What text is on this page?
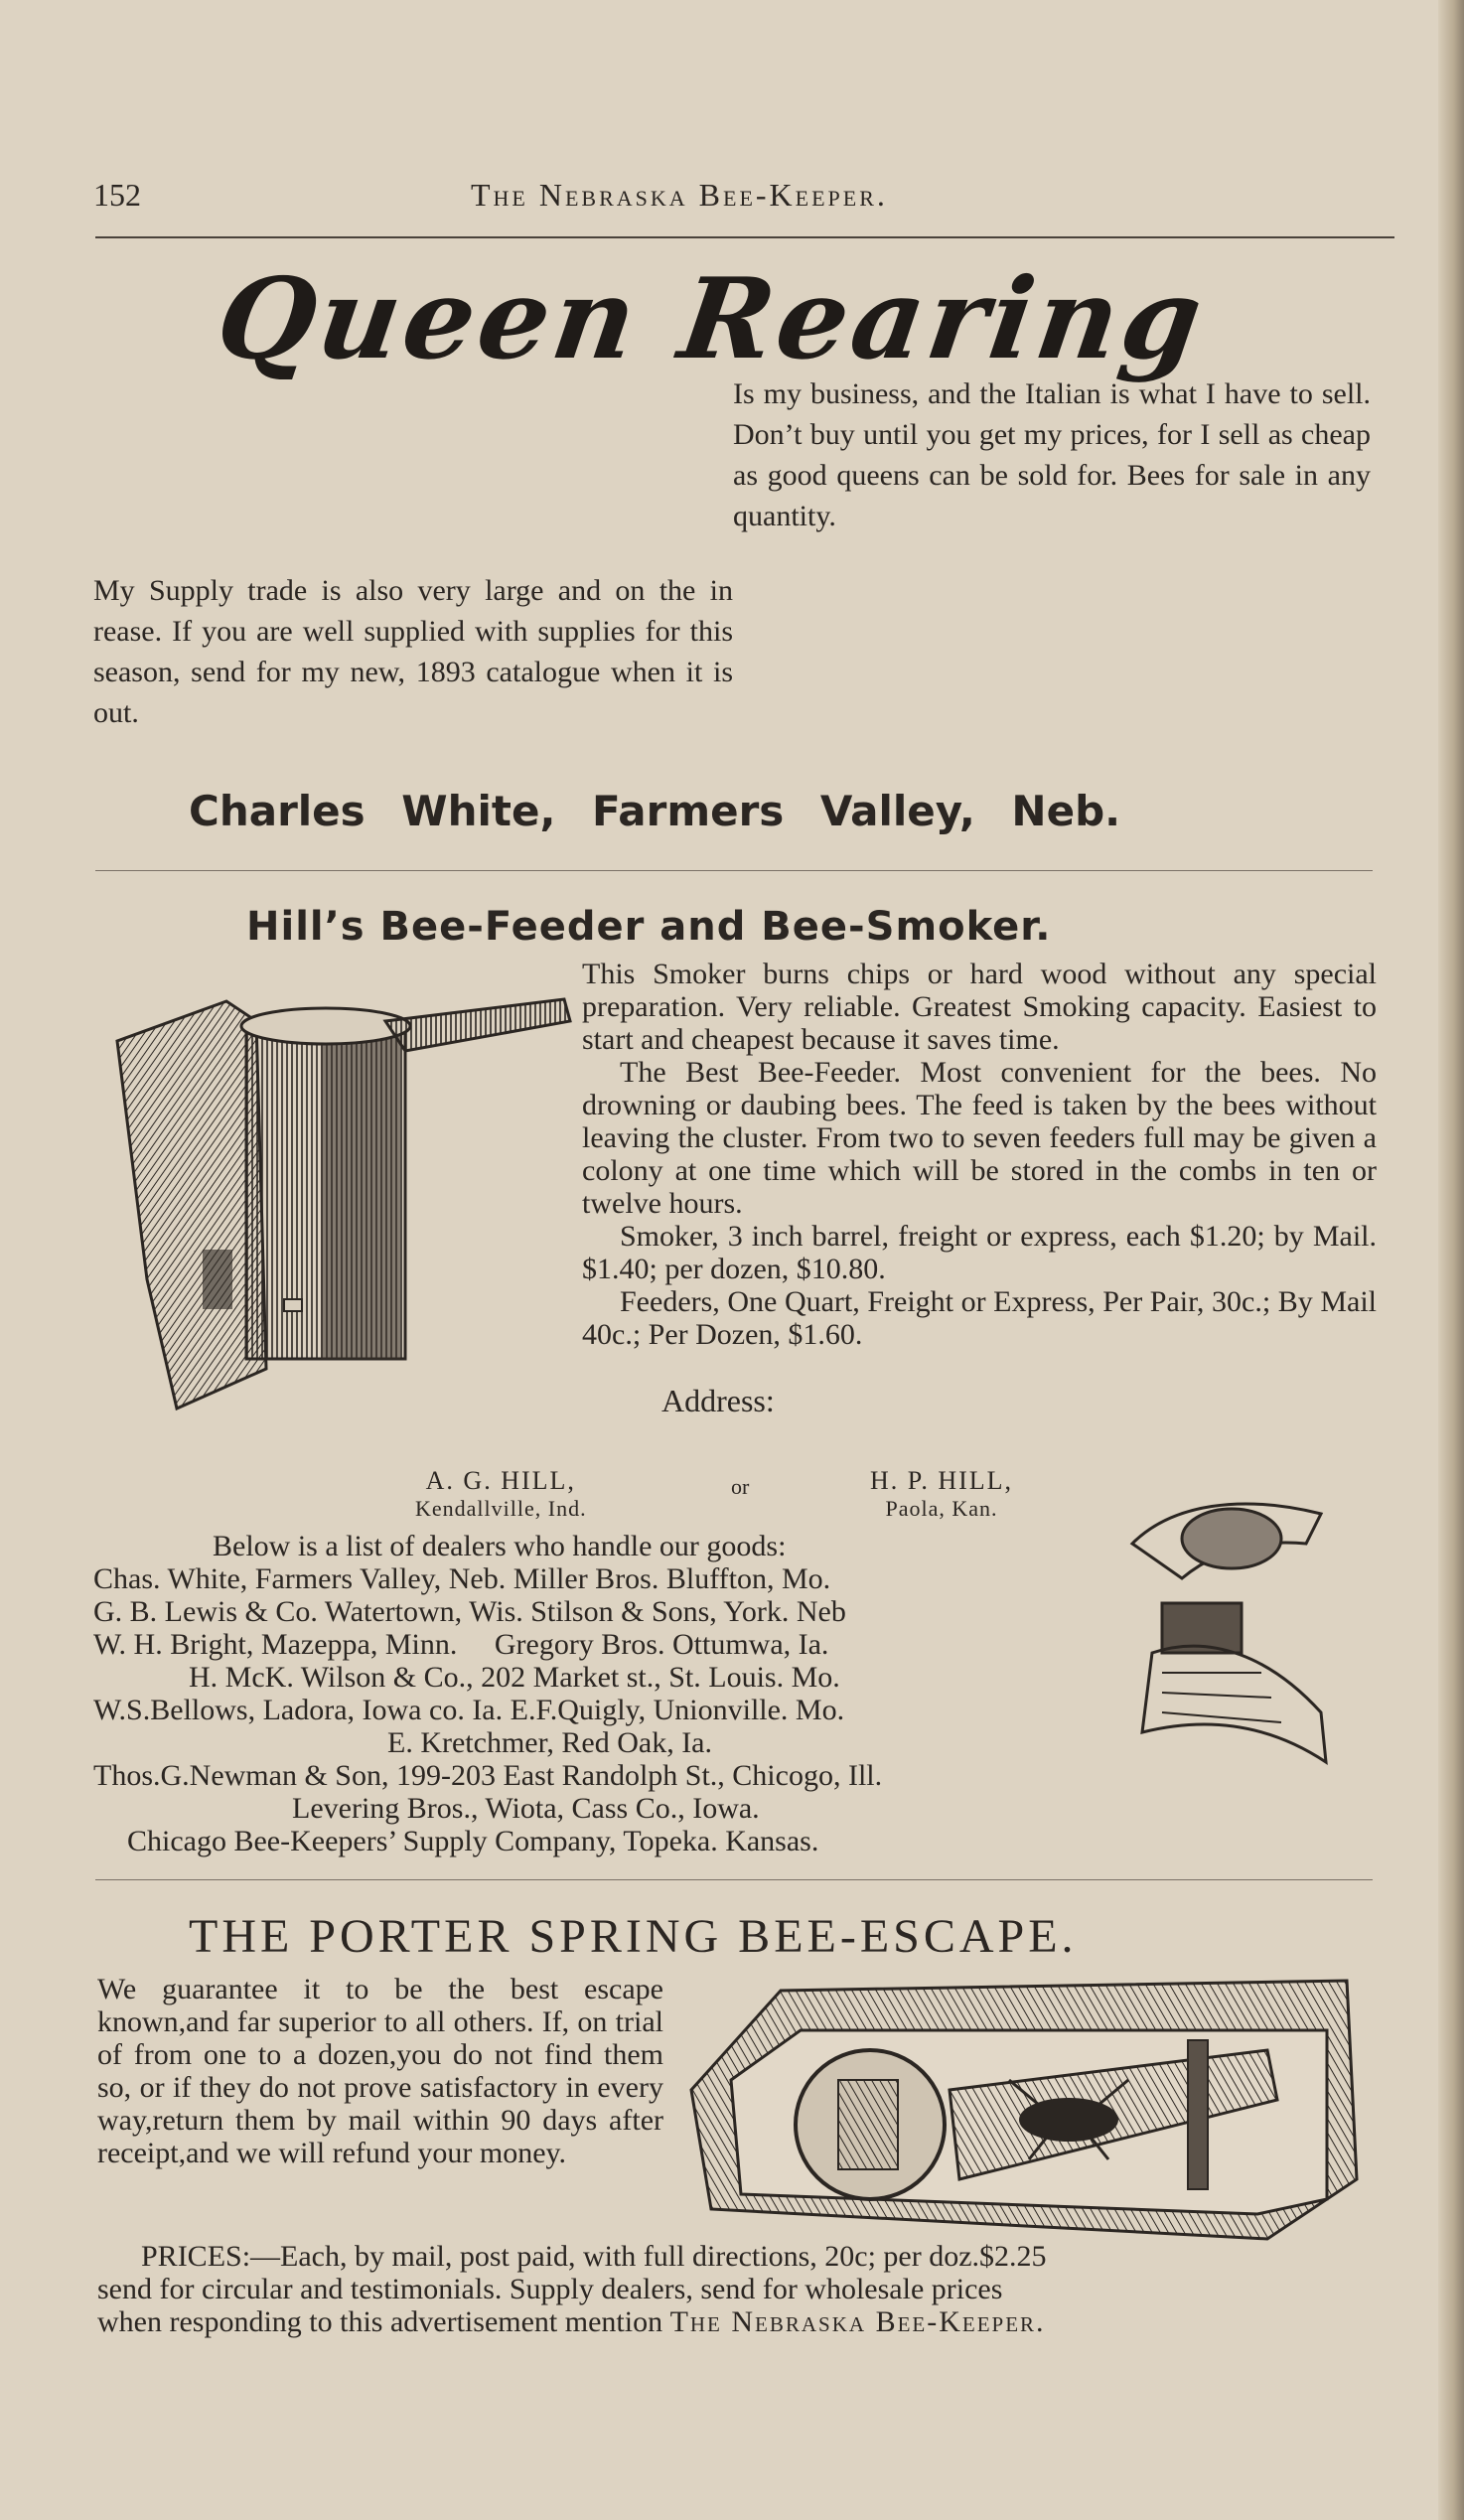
152	The Nebraska Bee-Keeper.
Queen Rearing
Is my business, and the Italian is what I have to sell. Don’t buy until you get my prices, for I sell as cheap as good queens can be sold for. Bees for sale in any quantity.
My Supply trade is also very large and on the in rease. If you are well supplied with supplies for this season, send for my new, 1893 catalogue when it is out.
Charles White, Farmers Valley, Neb.
Hill’s Bee-Feeder and Bee-Smoker.

This Smoker burns chips or hard wood without any special preparation. Very reliable. Greatest Smoking capacity. Easiest to start and cheapest because it saves time.

The Best Bee-Feeder. Most convenient for the bees. No drowning or daubing bees. The feed is taken by the bees without leaving the cluster. From two to seven feeders full may be given a colony at one time which will be stored in the combs in ten or twelve hours.

Smoker, 3 inch barrel, freight or express, each $1.20; by Mail. $1.40; per dozen, $10.80.

Feeders, One Quart, Freight or Express, Per Pair, 30c.; By Mail 40c.; Per Dozen, $1.60.

Address:
A. G. HILL,
Kendallville, Ind.
or	H. P. HILL,
Paola, Kan.
Below is a list of dealers who handle our goods:
Chas. White, Farmers Valley, Neb. Miller Bros. Bluffton, Mo.
G. B. Lewis & Co. Watertown, Wis. Stilson & Sons, York. Neb
W. H. Bright, Mazeppa, Minn.     Gregory Bros. Ottumwa, Ia.
H. McK. Wilson & Co., 202 Market st., St. Louis. Mo.
W.S.Bellows, Ladora, Iowa co. Ia. E.F.Quigly, Unionville. Mo.
E. Kretchmer, Red Oak, Ia.
Thos.G.Newman & Son, 199-203 East Randolph St., Chicogo, Ill.
Levering Bros., Wiota, Cass Co., Iowa.
Chicago Bee-Keepers’ Supply Company, Topeka. Kansas.
THE PORTER SPRING BEE-ESCAPE.
We guarantee it to be the best escape known,and far superior to all others. If, on trial of from one to a dozen,you do not find them so, or if they do not prove satisfactory in every way,return them by mail within 90 days after receipt,and we will refund your money.
PRICES:—Each, by mail, post paid, with full directions, 20c; per doz.$2.25
send for circular and testimonials. Supply dealers, send for wholesale prices
when responding to this advertisement mention The Nebraska Bee-Keeper.
